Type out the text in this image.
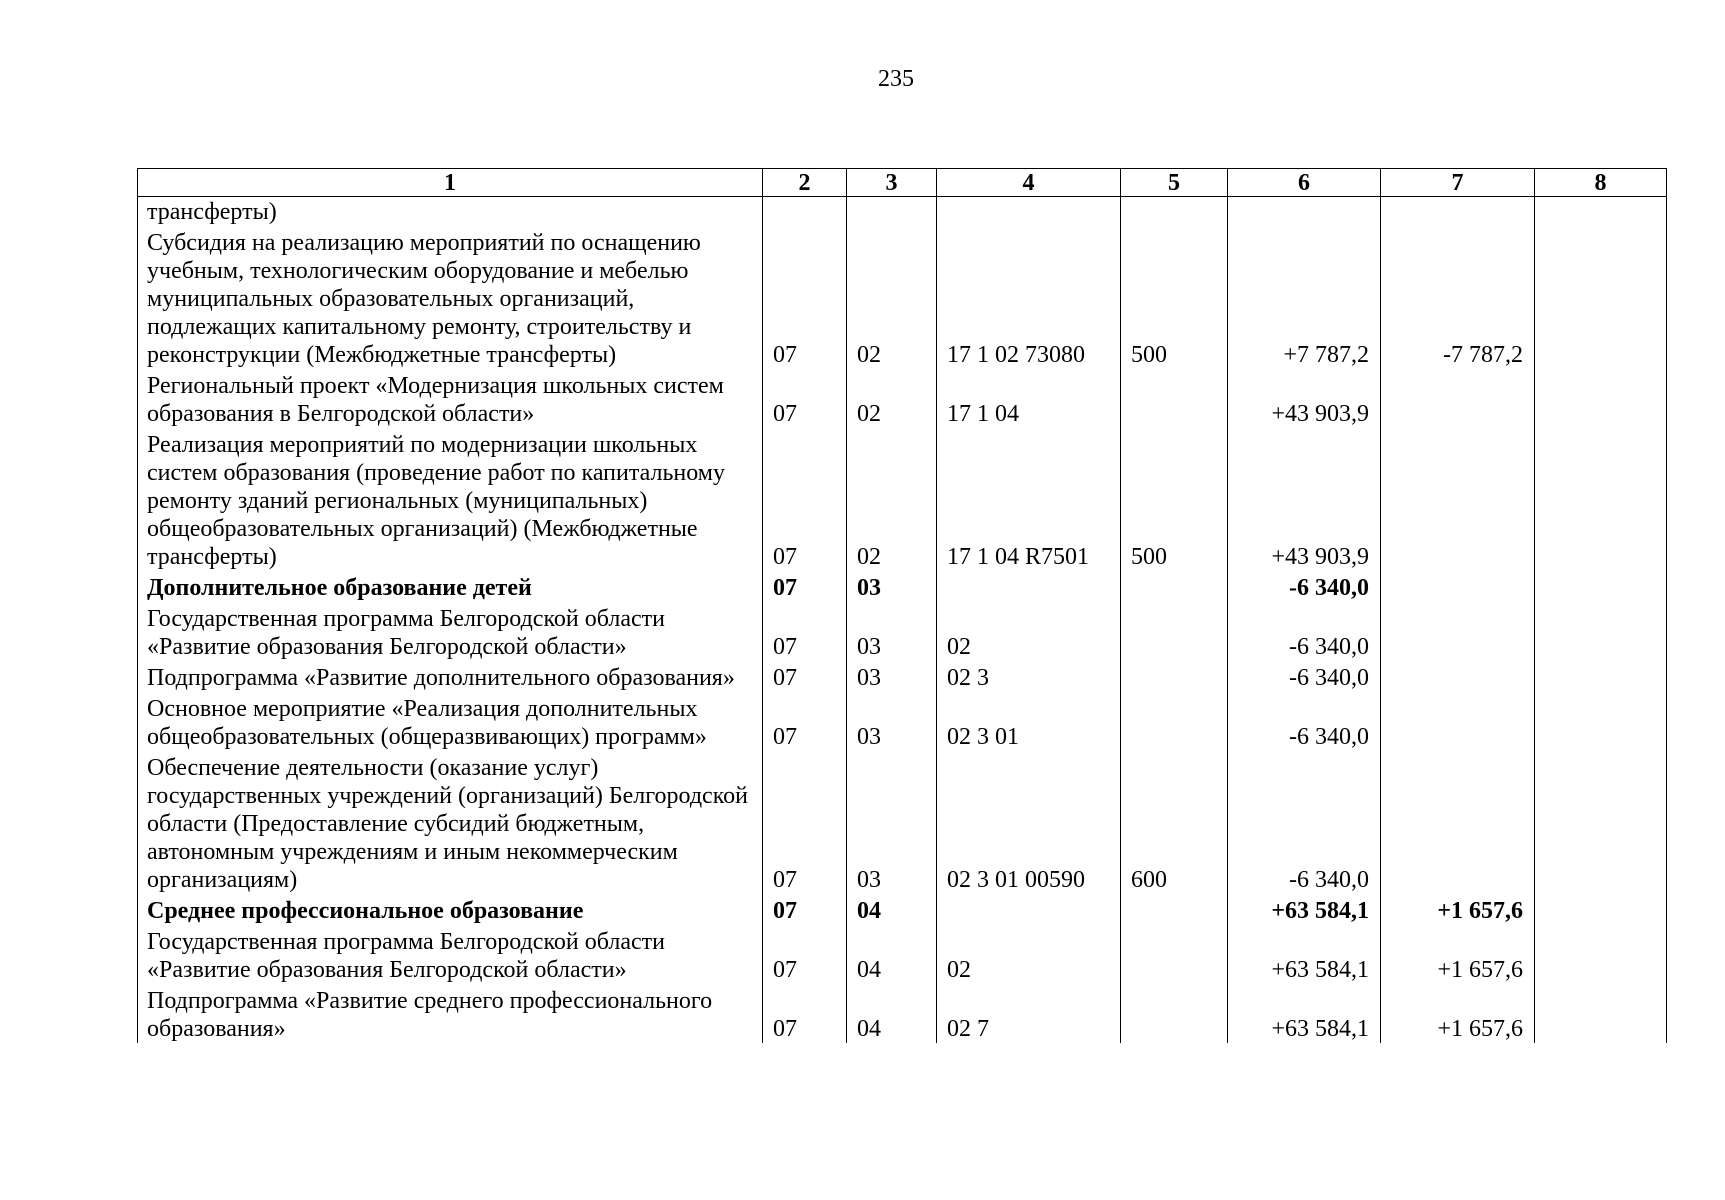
235
1	2	3	4	5	6	7	8
трансферты)							
Субсидия на реализацию мероприятий по оснащению учебным, технологическим оборудование и мебелью муниципальных образовательных организаций, подлежащих капитальному ремонту, строительству и реконструкции (Межбюджетные трансферты)	07	02	17 1 02 73080	500	+7 787,2	-7 787,2	
Региональный проект «Модернизация школьных систем образования в Белгородской области»	07	02	17 1 04		+43 903,9		
Реализация мероприятий по модернизации школьных систем образования (проведение работ по капитальному ремонту зданий региональных (муниципальных) общеобразовательных организаций) (Межбюджетные трансферты)	07	02	17 1 04 R7501	500	+43 903,9		
Дополнительное образование детей	07	03			-6 340,0		
Государственная программа Белгородской области «Развитие образования Белгородской области»	07	03	02		-6 340,0		
Подпрограмма «Развитие дополнительного образования»	07	03	02 3		-6 340,0		
Основное мероприятие «Реализация дополнительных общеобразовательных (общеразвивающих) программ»	07	03	02 3 01		-6 340,0		
Обеспечение деятельности (оказание услуг) государственных учреждений (организаций) Белгородской области (Предоставление субсидий бюджетным, автономным учреждениям и иным некоммерческим организациям)	07	03	02 3 01 00590	600	-6 340,0		
Среднее профессиональное образование	07	04			+63 584,1	+1 657,6	
Государственная программа Белгородской области «Развитие образования Белгородской области»	07	04	02		+63 584,1	+1 657,6	
Подпрограмма «Развитие среднего профессионального образования»	07	04	02 7		+63 584,1	+1 657,6	
